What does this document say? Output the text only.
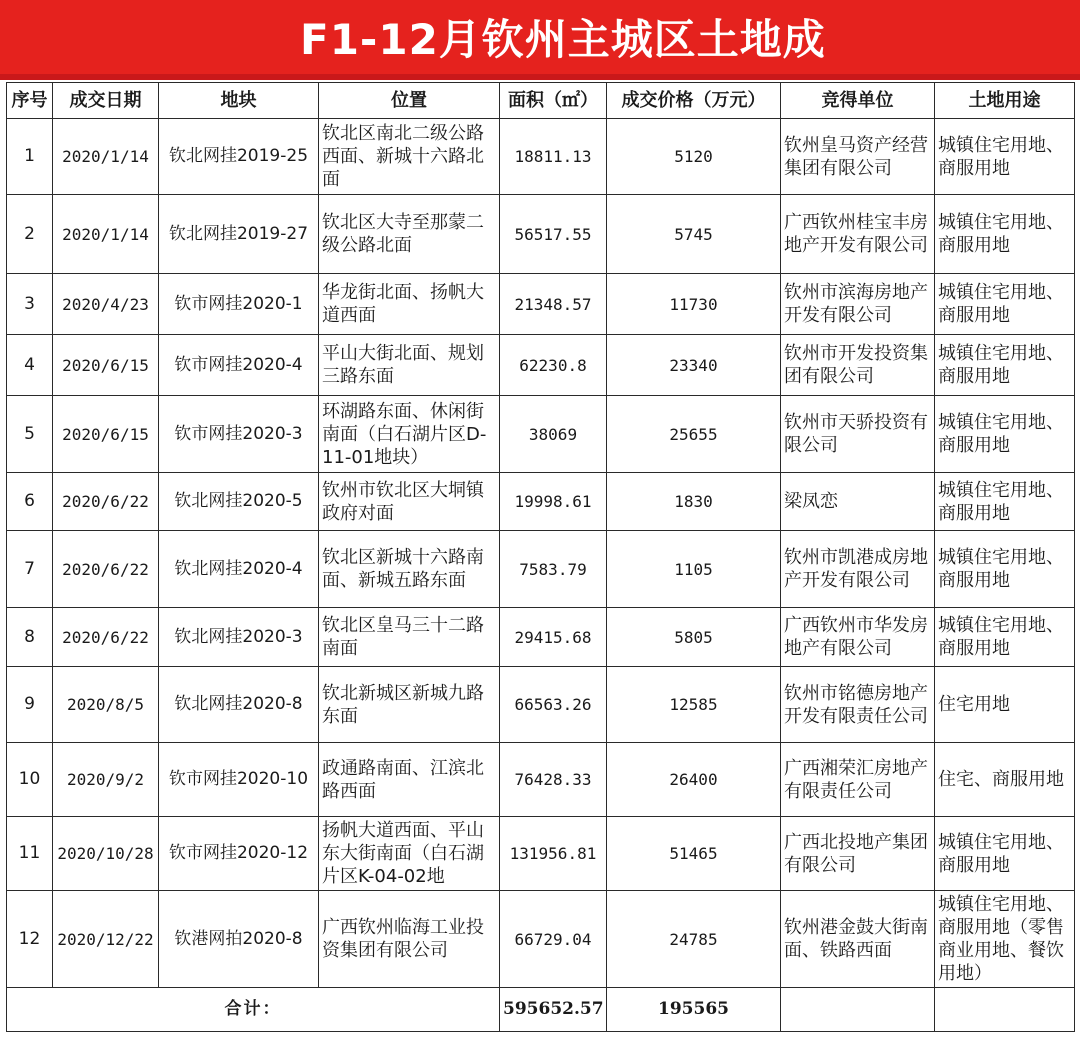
F1-12月钦州主城区土地成
序号	成交日期	地块	位置	面积（㎡）	成交价格（万元）	竞得单位	土地用途
1	2020/1/14	钦北网挂2019-25	钦北区南北二级公路西面、新城十六路北面	18811.13	5120	钦州皇马资产经营集团有限公司	城镇住宅用地、商服用地
2	2020/1/14	钦北网挂2019-27	钦北区大寺至那蒙二级公路北面	56517.55	5745	广西钦州桂宝丰房地产开发有限公司	城镇住宅用地、商服用地
3	2020/4/23	钦市网挂2020-1	华龙街北面、扬帆大道西面	21348.57	11730	钦州市滨海房地产开发有限公司	城镇住宅用地、商服用地
4	2020/6/15	钦市网挂2020-4	平山大街北面、规划三路东面	62230.8	23340	钦州市开发投资集团有限公司	城镇住宅用地、商服用地
5	2020/6/15	钦市网挂2020-3	环湖路东面、休闲街南面（白石湖片区D-11-01地块）	38069	25655	钦州市天骄投资有限公司	城镇住宅用地、商服用地
6	2020/6/22	钦北网挂2020-5	钦州市钦北区大垌镇政府对面	19998.61	1830	梁凤恋	城镇住宅用地、商服用地
7	2020/6/22	钦北网挂2020-4	钦北区新城十六路南面、新城五路东面	7583.79	1105	钦州市凯港成房地产开发有限公司	城镇住宅用地、商服用地
8	2020/6/22	钦北网挂2020-3	钦北区皇马三十二路南面	29415.68	5805	广西钦州市华发房地产有限公司	城镇住宅用地、商服用地
9	2020/8/5	钦北网挂2020-8	钦北新城区新城九路东面	66563.26	12585	钦州市铭德房地产开发有限责任公司	住宅用地
10	2020/9/2	钦市网挂2020-10	政通路南面、江滨北路西面	76428.33	26400	广西湘荣汇房地产有限责任公司	住宅、商服用地
11	2020/10/28	钦市网挂2020-12	扬帆大道西面、平山东大街南面（白石湖片区K-04-02地	131956.81	51465	广西北投地产集团有限公司	城镇住宅用地、商服用地
12	2020/12/22	钦港网拍2020-8	广西钦州临海工业投资集团有限公司	66729.04	24785	钦州港金鼓大街南面、铁路西面	城镇住宅用地、商服用地（零售商业用地、餐饮用地）
合计：				595652.57	195565		
